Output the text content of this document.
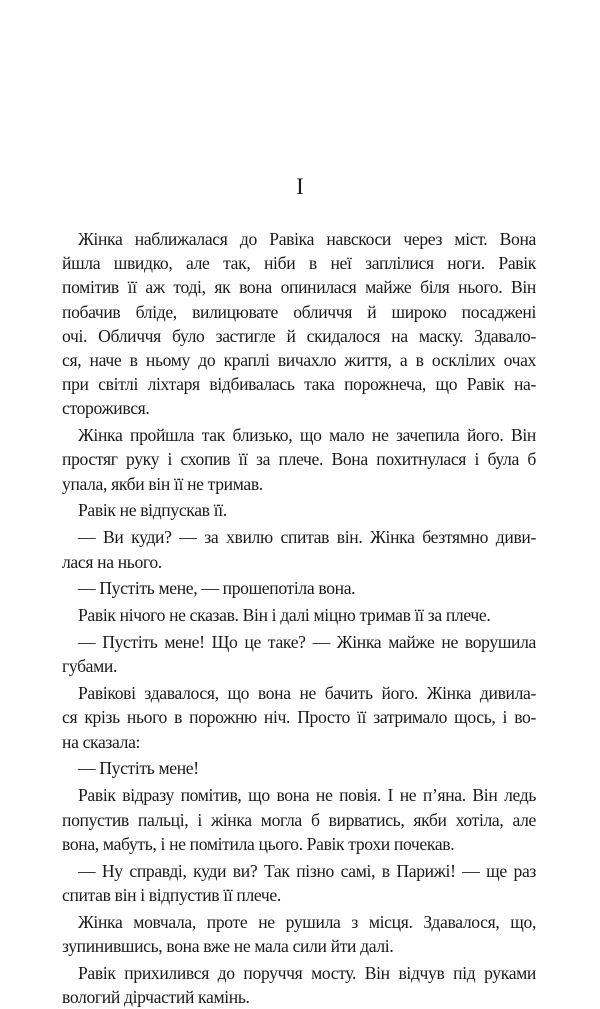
I
Жінка наближалася до Равіка навскоси через міст. Вона
йшла швидко, але так, ніби в неї заплілися ноги. Равік
помітив її аж тоді, як вона опинилася майже біля нього. Він
побачив бліде, вилицювате обличчя й широко посаджені
очі. Обличчя було застигле й скидалося на маску. Здавало-
ся, наче в ньому до краплі вичахло життя, а в осклілих очах
при світлі ліхтаря відбивалась така порожнеча, що Равік на-
сторожився.
Жінка пройшла так близько, що мало не зачепила його. Він
простяг руку і схопив її за плече. Вона похитнулася і була б
упала, якби він її не тримав.
Равік не відпускав її.
— Ви куди? — за хвилю спитав він. Жінка безтямно диви-
лася на нього.
— Пустіть мене, — прошепотіла вона.
Равік нічого не сказав. Він і далі міцно тримав її за плече.
— Пустіть мене! Що це таке? — Жінка майже не ворушила
губами.
Равікові здавалося, що вона не бачить його. Жінка дивила-
ся крізь нього в порожню ніч. Просто її затримало щось, і во-
на сказала:
— Пустіть мене!
Равік відразу помітив, що вона не повія. І не п’яна. Він ледь
попустив пальці, і жінка могла б вирватись, якби хотіла, але
вона, мабуть, і не помітила цього. Равік трохи почекав.
— Ну справді, куди ви? Так пізно самі, в Парижі! — ще раз
спитав він і відпустив її плече.
Жінка мовчала, проте не рушила з місця. Здавалося, що,
зупинившись, вона вже не мала сили йти далі.
Равік прихилився до поруччя мосту. Він відчув під руками
вологий дірчастий камінь.
